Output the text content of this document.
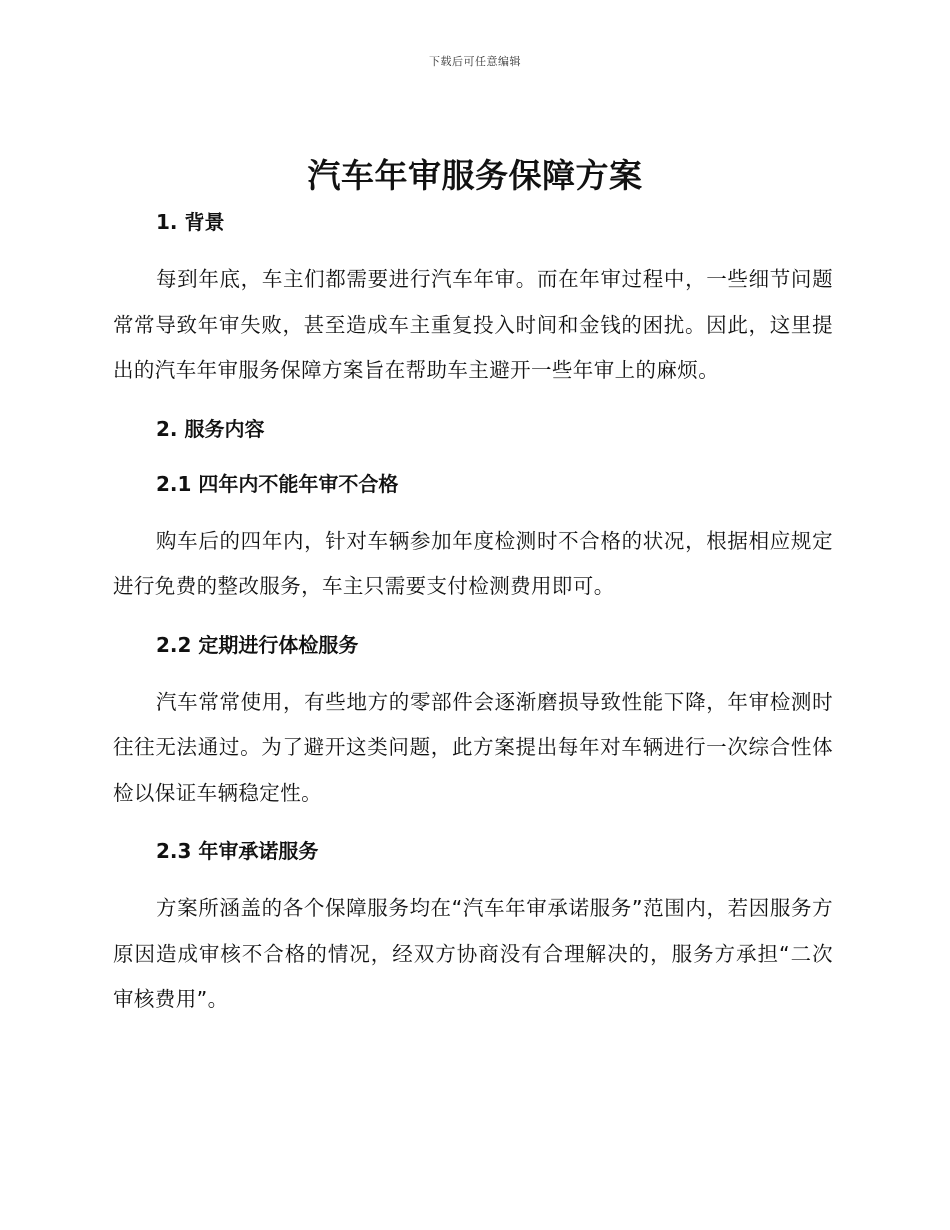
下载后可任意编辑
汽车年审服务保障方案
1. 背景

每到年底，车主们都需要进行汽车年审。而在年审过程中，一些细节问题常常导致年审失败，甚至造成车主重复投入时间和金钱的困扰。因此，这里提出的汽车年审服务保障方案旨在帮助车主避开一些年审上的麻烦。

2. 服务内容
2.1 四年内不能年审不合格

购车后的四年内，针对车辆参加年度检测时不合格的状况，根据相应规定进行免费的整改服务，车主只需要支付检测费用即可。

2.2 定期进行体检服务

汽车常常使用，有些地方的零部件会逐渐磨损导致性能下降，年审检测时往往无法通过。为了避开这类问题，此方案提出每年对车辆进行一次综合性体检以保证车辆稳定性。

2.3 年审承诺服务

方案所涵盖的各个保障服务均在“汽车年审承诺服务”范围内，若因服务方原因造成审核不合格的情况，经双方协商没有合理解决的，服务方承担“二次审核费用”。
